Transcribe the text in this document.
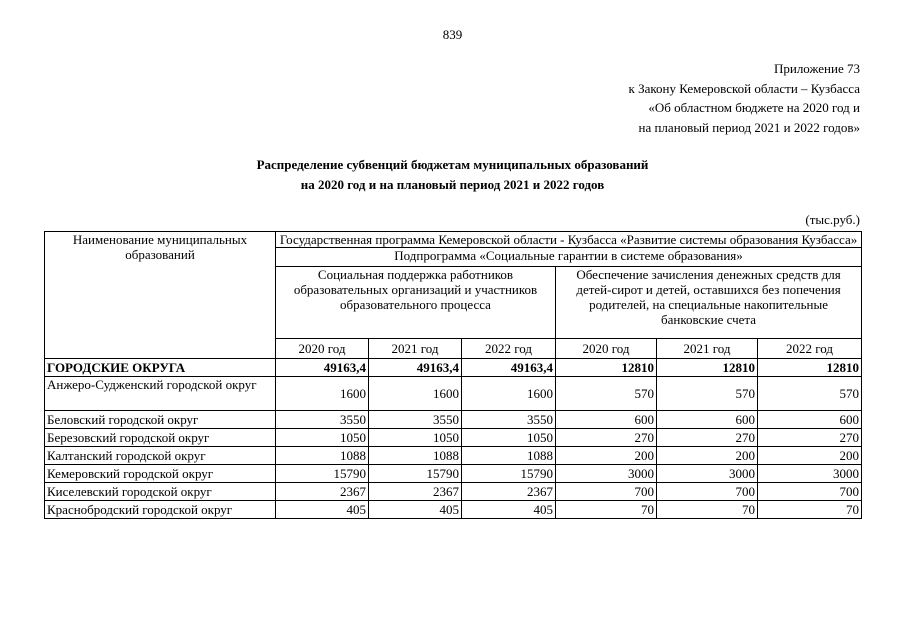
839
Приложение 73
к Закону Кемеровской области – Кузбасса
«Об областном бюджете на 2020 год и
на плановый период 2021 и 2022 годов»
Распределение субвенций бюджетам муниципальных образований
на 2020 год и на плановый период 2021 и 2022 годов
(тыс.руб.)
Наименование муниципальных образований	Государственная программа Кемеровской области - Кузбасса «Развитие системы образования Кузбасса»					
	Подпрограмма «Социальные гарантии в системе образования»					
	Социальная поддержка работников образовательных организаций и участников образовательного процесса			Обеспечение зачисления денежных средств для детей-сирот и детей, оставшихся без попечения родителей, на специальные накопительные банковские счета		
	2020 год	2021 год	2022 год	2020 год	2021 год	2022 год
ГОРОДСКИЕ ОКРУГА	49163,4	49163,4	49163,4	12810	12810	12810
Анжеро-Судженский городской округ	1600	1600	1600	570	570	570
Беловский городской округ	3550	3550	3550	600	600	600
Березовский городской округ	1050	1050	1050	270	270	270
Калтанский городской округ	1088	1088	1088	200	200	200
Кемеровский городской округ	15790	15790	15790	3000	3000	3000
Киселевский городской округ	2367	2367	2367	700	700	700
Краснобродский городской округ	405	405	405	70	70	70
